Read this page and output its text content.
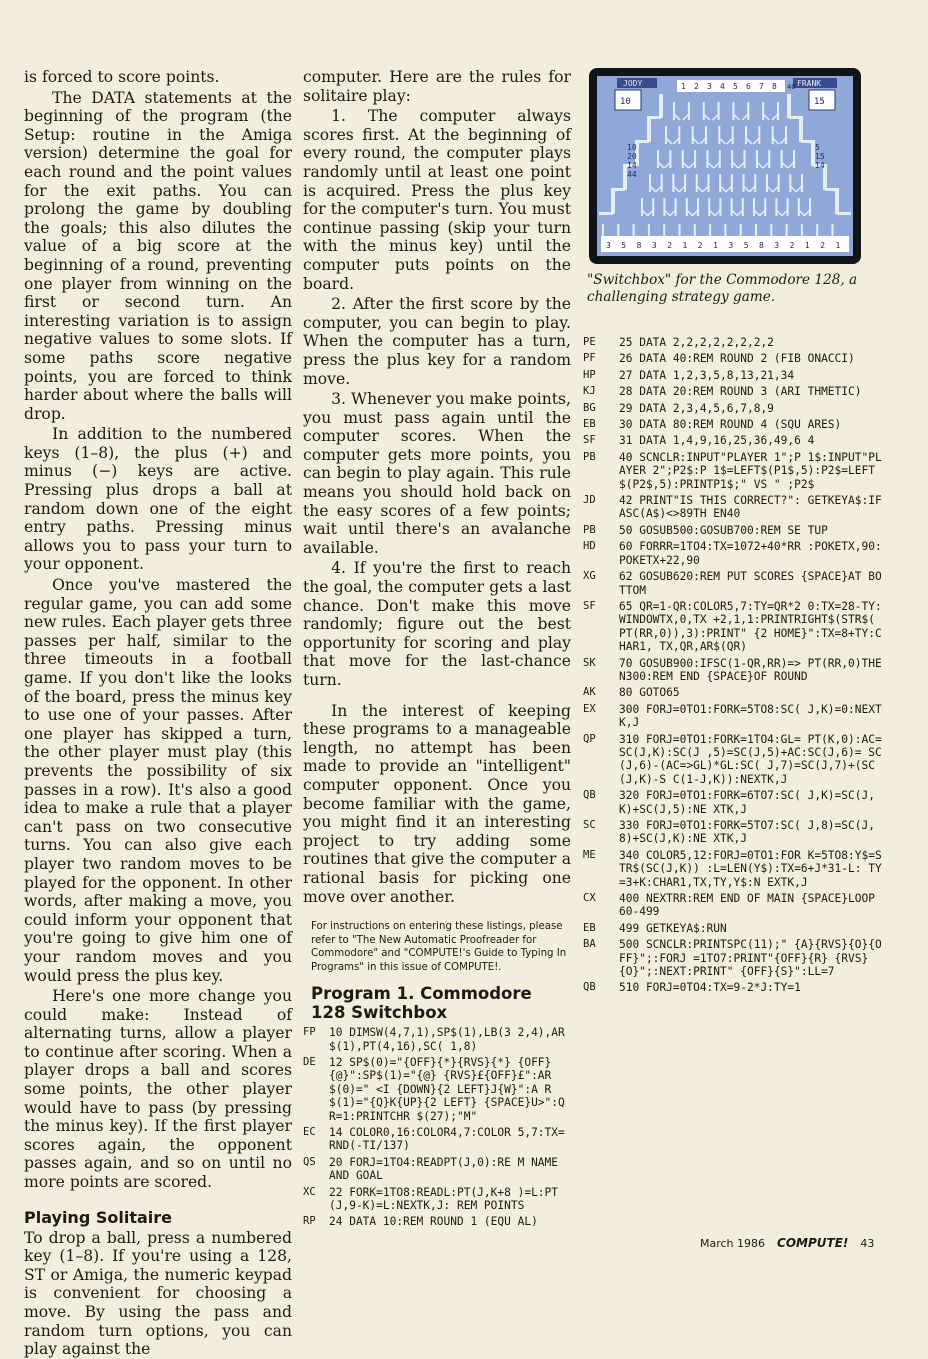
is forced to score points.

The DATA statements at the beginning of the program (the Setup: routine in the Amiga version) determine the goal for each round and the point values for the exit paths. You can prolong the game by doubling the goals; this also dilutes the value of a big score at the beginning of a round, preventing one player from winning on the first or second turn. An interesting variation is to assign negative values to some slots. If some paths score negative points, you are forced to think harder about where the balls will drop.

In addition to the numbered keys (1–8), the plus (+) and minus (−) keys are active. Pressing plus drops a ball at random down one of the eight entry paths. Pressing minus allows you to pass your turn to your opponent.

Once you've mastered the regular game, you can add some new rules. Each player gets three passes per half, similar to the three timeouts in a football game. If you don't like the looks of the board, press the minus key to use one of your passes. After one player has skipped a turn, the other player must play (this prevents the possibility of six passes in a row). It's also a good idea to make a rule that a player can't pass on two consecutive turns. You can also give each player two random moves to be played for the opponent. In other words, after making a move, you could inform your opponent that you're going to give him one of your random moves and you would press the plus key.

Here's one more change you could make: Instead of alternating turns, allow a player to continue after scoring. When a player drops a ball and scores some points, the other player would have to pass (by pressing the minus key). If the first player scores again, the opponent passes again, and so on until no more points are scored.

Playing Solitaire

To drop a ball, press a numbered key (1–8). If you're using a 128, ST or Amiga, the numeric keypad is convenient for choosing a move. By using the pass and random turn options, you can play against the

computer. Here are the rules for solitaire play:

1. The computer always scores first. At the beginning of every round, the computer plays randomly until at least one point is acquired. Press the plus key for the computer's turn. You must continue passing (skip your turn with the minus key) until the computer puts points on the board.

2. After the first score by the computer, you can begin to play. When the computer has a turn, press the plus key for a random move.

3. Whenever you make points, you must pass again until the computer scores. When the computer gets more points, you can begin to play again. This rule means you should hold back on the easy scores of a few points; wait until there's an avalanche available.

4. If you're the first to reach the goal, the computer gets a last chance. Don't make this move randomly; figure out the best opportunity for scoring and play that move for the last-chance turn.

In the interest of keeping these programs to a manageable length, no attempt has been made to provide an "intelligent" computer opponent. Once you become familiar with the game, you might find it an interesting project to try adding some routines that give the computer a rational basis for picking one move over another.

For instructions on entering these listings, please refer to "The New Automatic Proofreader for Commodore" and "COMPUTE!'s Guide to Typing In Programs" in this issue of COMPUTE!.
Program 1. Commodore 128 Switchbox
FP	10 DIMSW(4,7,1),SP$(1),LB(3 2,4),AR$(1),PT(4,16),SC( 1,8)
DE	12 SP$(0)="{OFF}{*}{RVS}{*} {OFF}{@}":SP$(1)="{@} {RVS}£{OFF}£":AR$(0)=" <I {DOWN}{2 LEFT}J{W}":A R$(1)="{Q}K{UP}{2 LEFT} {SPACE}U>":QR=1:PRINTCHR $(27);"M"
EC	14 COLOR0,16:COLOR4,7:COLOR 5,7:TX=RND(-TI/137)
QS	20 FORJ=1TO4:READPT(J,0):RE M NAME AND GOAL
XC	22 FORK=1TO8:READL:PT(J,K+8 )=L:PT(J,9-K)=L:NEXTK,J: REM POINTS
RP	24 DATA 10:REM ROUND 1 (EQU AL)
JODY	FRANK
10	15
1 2 3 4 5 6 7 8 40
10
20
14
44
5
15
14
3 5 8 3 2 1 2 1 3 5 8 3 2 1 2 1
"Switchbox" for the Commodore 128, a challenging strategy game.
PE	25 DATA 2,2,2,2,2,2,2,2
PF	26 DATA 40:REM ROUND 2 (FIB ONACCI)
HP	27 DATA 1,2,3,5,8,13,21,34
KJ	28 DATA 20:REM ROUND 3 (ARI THMETIC)
BG	29 DATA 2,3,4,5,6,7,8,9
EB	30 DATA 80:REM ROUND 4 (SQU ARES)
SF	31 DATA 1,4,9,16,25,36,49,6 4
PB	40 SCNCLR:INPUT"PLAYER 1";P 1$:INPUT"PLAYER 2";P2$:P 1$=LEFT$(P1$,5):P2$=LEFT $(P2$,5):PRINTP1$;" VS " ;P2$
JD	42 PRINT"IS THIS CORRECT?": GETKEYA$:IFASC(A$)<>89TH EN40
PB	50 GOSUB500:GOSUB700:REM SE TUP
HD	60 FORRR=1TO4:TX=1072+40*RR :POKETX,90:POKETX+22,90
XG	62 GOSUB620:REM PUT SCORES {SPACE}AT BOTTOM
SF	65 QR=1-QR:COLOR5,7:TY=QR*2 0:TX=28-TY:WINDOWTX,0,TX +2,1,1:PRINTRIGHT$(STR$( PT(RR,0)),3):PRINT" {2 HOME}":TX=8+TY:CHAR1, TX,QR,AR$(QR)
SK	70 GOSUB900:IFSC(1-QR,RR)=> PT(RR,0)THEN300:REM END {SPACE}OF ROUND
AK	80 GOTO65
EX	300 FORJ=0TO1:FORK=5TO8:SC( J,K)=0:NEXTK,J
QP	310 FORJ=0TO1:FORK=1TO4:GL= PT(K,0):AC=SC(J,K):SC(J ,5)=SC(J,5)+AC:SC(J,6)= SC(J,6)-(AC=>GL)*GL:SC( J,7)=SC(J,7)+(SC(J,K)-S C(1-J,K)):NEXTK,J
QB	320 FORJ=0TO1:FORK=6TO7:SC( J,K)=SC(J,K)+SC(J,5):NE XTK,J
SC	330 FORJ=0TO1:FORK=5TO7:SC( J,8)=SC(J,8)+SC(J,K):NE XTK,J
ME	340 COLOR5,12:FORJ=0TO1:FOR K=5TO8:Y$=STR$(SC(J,K)) :L=LEN(Y$):TX=6+J*31-L: TY=3+K:CHAR1,TX,TY,Y$:N EXTK,J
CX	400 NEXTRR:REM END OF MAIN {SPACE}LOOP 60-499
EB	499 GETKEYA$:RUN
BA	500 SCNCLR:PRINTSPC(11);" {A}{RVS}{O}{OFF}";:FORJ =1TO7:PRINT"{OFF}{R} {RVS}{O}";:NEXT:PRINT" {OFF}{S}":LL=7
QB	510 FORJ=0TO4:TX=9-2*J:TY=1
March 1986 COMPUTE! 43
